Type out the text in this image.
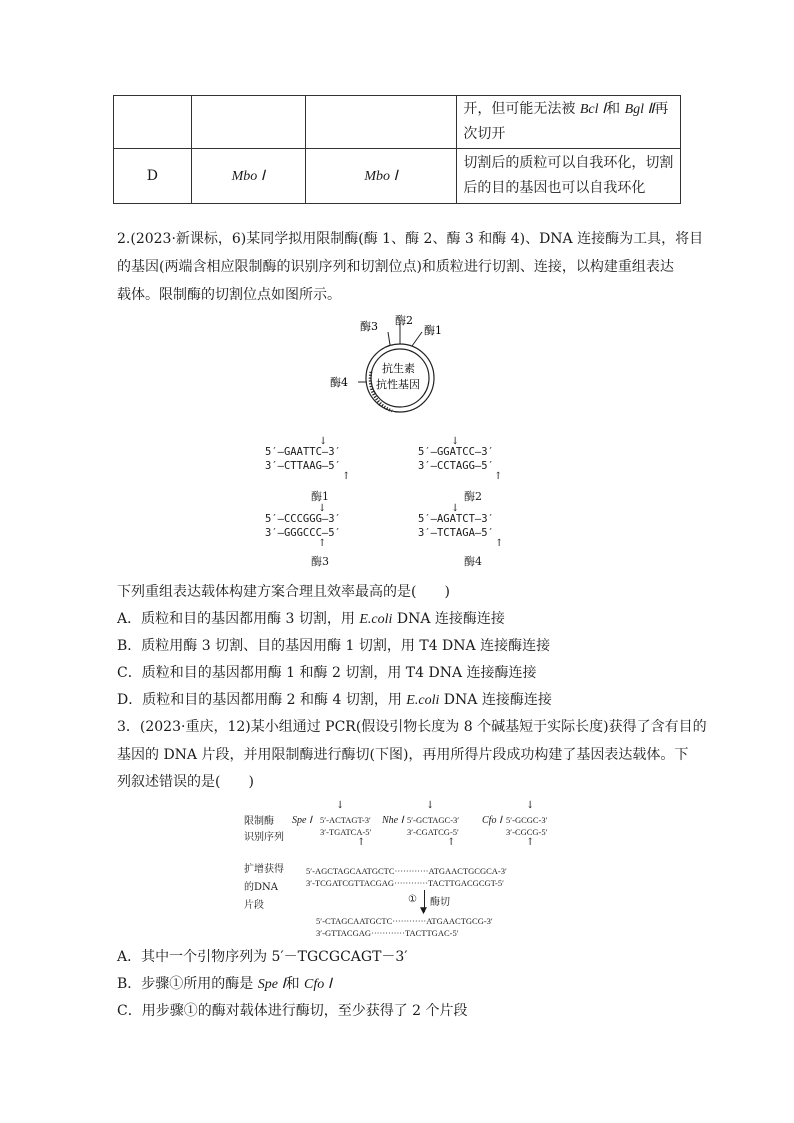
			开，但可能无法被 Bcl Ⅰ和 Bgl Ⅱ再
次切开
D	Mbo Ⅰ	Mbo Ⅰ	切割后的质粒可以自我环化，切割
后的目的基因也可以自我环化
2.(2023·新课标，6)某同学拟用限制酶(酶 1、酶 2、酶 3 和酶 4)、DNA 连接酶为工具，将目
的基因(两端含相应限制酶的识别序列和切割位点)和质粒进行切割、连接，以构建重组表达
载体。限制酶的切割位点如图所示。
酶3 酶2
酶1
酶4
抗生素
抗性基因
↓
5′—GAATTC—3′
3′—CTTAAG—5′
↑
酶1
↓
5′—GGATCC—3′
3′—CCTAGG—5′
↑
酶2
↓
5′—CCCGGG—3′
3′—GGGCCC—5′
↑
酶3
↓
5′—AGATCT—3′
3′—TCTAGA—5′
↑
酶4
下列重组表达载体构建方案合理且效率最高的是(　　)
A．质粒和目的基因都用酶 3 切割，用 E.coli DNA 连接酶连接
B．质粒用酶 3 切割、目的基因用酶 1 切割，用 T4 DNA 连接酶连接
C．质粒和目的基因都用酶 1 和酶 2 切割，用 T4 DNA 连接酶连接
D．质粒和目的基因都用酶 2 和酶 4 切割，用 E.coli DNA 连接酶连接
3．(2023·重庆，12)某小组通过 PCR(假设引物长度为 8 个碱基短于实际长度)获得了含有目的
基因的 DNA 片段，并用限制酶进行酶切(下图)，再用所得片段成功构建了基因表达载体。下
列叙述错误的是(　　)
限制酶
识别序列
↓
Spe Ⅰ 5′-ACTAGT-3′
3′-TGATCA-5′
↑
↓
Nhe Ⅰ 5′-GCTAGC-3′
3′-CGATCG-5′
↑
↓
Cfo Ⅰ 5′-GCGC-3′
3′-CGCG-5′
↑
扩增获得
的DNA
片段
5′-AGCTAGCAATGCTC············ATGAACTGCGCA-3′
3′-TCGATCGTTACGAG············TACTTGACGCGT-5′
▼
① 酶切
5′-CTAGCAATGCTC············ATGAACTGCG-3′
3′-GTTACGAG············TACTTGAC-5′
A．其中一个引物序列为 5′－TGCGCAGT－3′
B．步骤①所用的酶是 Spe Ⅰ和 Cfo Ⅰ
C．用步骤①的酶对载体进行酶切，至少获得了 2 个片段
